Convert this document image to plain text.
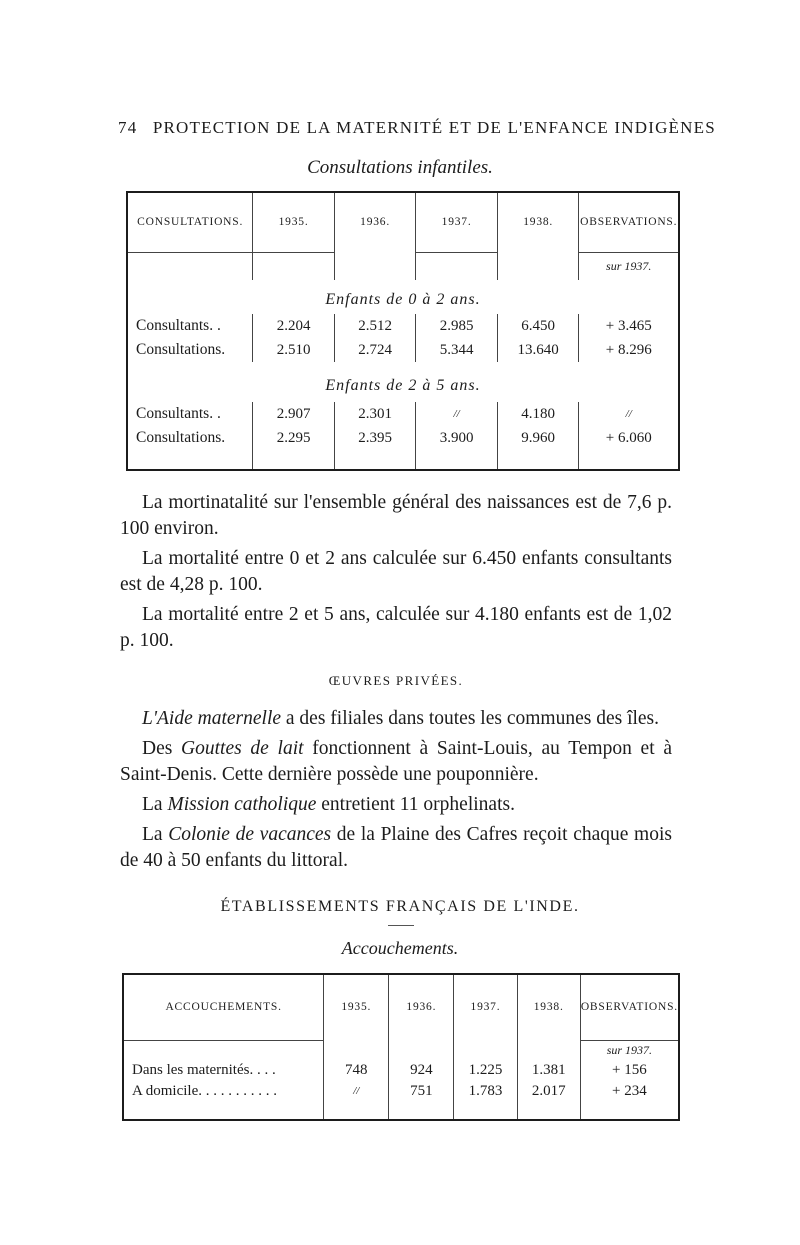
74 PROTECTION DE LA MATERNITÉ ET DE L'ENFANCE INDIGÈNES
Consultations infantiles.
CONSULTATIONS.	1935.	1936.	1937.	1938.	OBSERVATIONS.
					sur 1937.
Enfants de 0 à 2 ans.					
Consultants. .	2.204	2.512	2.985	6.450	+ 3.465
Consultations.	2.510	2.724	5.344	13.640	+ 8.296
Enfants de 2 à 5 ans.					
Consultants. .	2.907	2.301	//	4.180	//
Consultations.	2.295	2.395	3.900	9.960	+ 6.060

La mortinatalité sur l'ensemble général des naissances est de 7,6 p. 100 environ.

La mortalité entre 0 et 2 ans calculée sur 6.450 enfants consultants est de 4,28 p. 100.

La mortalité entre 2 et 5 ans, calculée sur 4.180 enfants est de 1,02 p. 100.

ŒUVRES PRIVÉES.

L'Aide maternelle a des filiales dans toutes les communes des îles.

Des Gouttes de lait fonctionnent à Saint-Louis, au Tempon et à Saint-Denis. Cette dernière possède une pouponnière.

La Mission catholique entretient 11 orphelinats.

La Colonie de vacances de la Plaine des Cafres reçoit chaque mois de 40 à 50 enfants du littoral.

ÉTABLISSEMENTS FRANÇAIS DE L'INDE.
Accouchements.
ACCOUCHEMENTS.	1935.	1936.	1937.	1938.	OBSERVATIONS.
					sur 1937.
Dans les maternités. . . .	748	924	1.225	1.381	+ 156
A domicile. . . . . . . . . . .	//	751	1.783	2.017	+ 234
